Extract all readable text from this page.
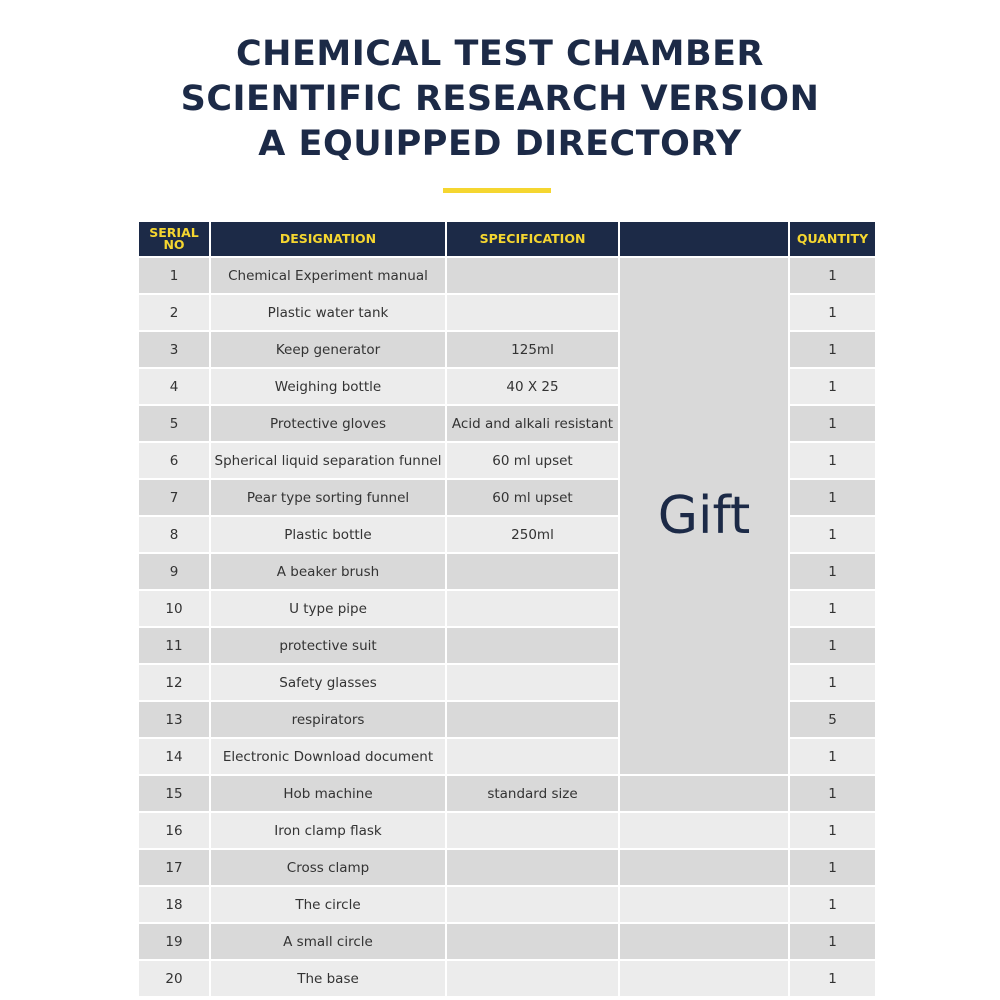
CHEMICAL TEST CHAMBER
SCIENTIFIC RESEARCH VERSION
A EQUIPPED DIRECTORY
SERIAL
NO	DESIGNATION	SPECIFICATION		QUANTITY
1	Chemical Experiment manual		Gift	1
2	Plastic water tank			1
3	Keep generator	125ml		1
4	Weighing bottle	40 X 25		1
5	Protective gloves	Acid and alkali resistant		1
6	Spherical liquid separation funnel	60 ml upset		1
7	Pear type sorting funnel	60 ml upset		1
8	Plastic bottle	250ml		1
9	A beaker brush			1
10	U type pipe			1
11	protective suit			1
12	Safety glasses			1
13	respirators			5
14	Electronic Download document			1
15	Hob machine	standard size		1
16	Iron clamp flask			1
17	Cross clamp			1
18	The circle			1
19	A small circle			1
20	The base			1
